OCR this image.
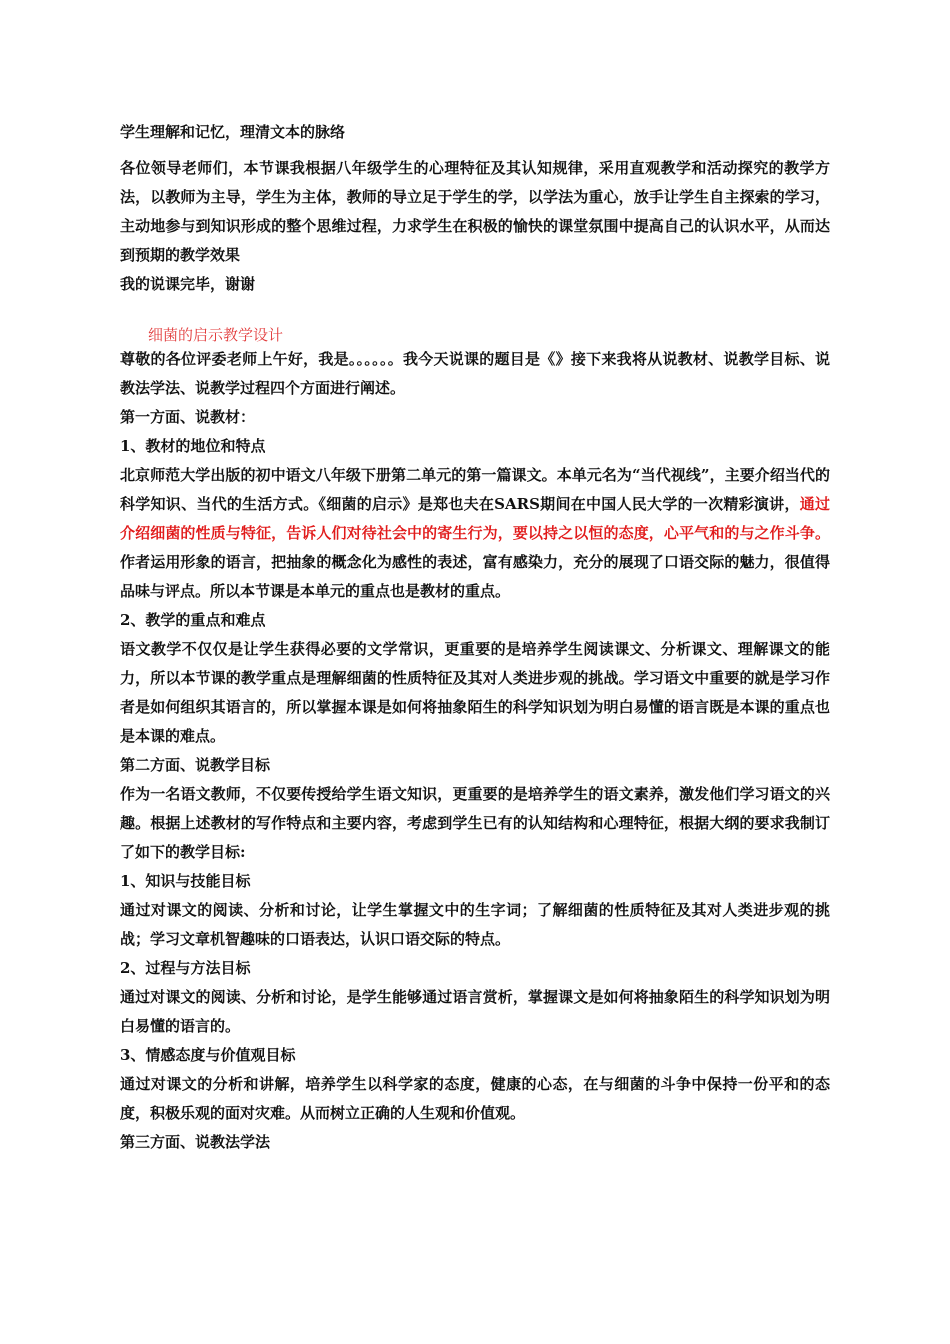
学生理解和记忆，理清文本的脉络

各位领导老师们，本节课我根据八年级学生的心理特征及其认知规律，采用直观教学和活动探究的教学方法，以教师为主导，学生为主体，教师的导立足于学生的学，以学法为重心，放手让学生自主探索的学习，主动地参与到知识形成的整个思维过程，力求学生在积极的愉快的课堂氛围中提高自己的认识水平，从而达到预期的教学效果

我的说课完毕，谢谢

细菌的启示教学设计

尊敬的各位评委老师上午好，我是。。。。。。我今天说课的题目是《》接下来我将从说教材、说教学目标、说教法学法、说教学过程四个方面进行阐述。

第一方面、说教材：

1、教材的地位和特点

北京师范大学出版的初中语文八年级下册第二单元的第一篇课文。本单元名为“当代视线”，主要介绍当代的科学知识、当代的生活方式。《细菌的启示》是郑也夫在SARS期间在中国人民大学的一次精彩演讲，通过介绍细菌的性质与特征，告诉人们对待社会中的寄生行为，要以持之以恒的态度，心平气和的与之作斗争。作者运用形象的语言，把抽象的概念化为感性的表述，富有感染力，充分的展现了口语交际的魅力，很值得品味与评点。所以本节课是本单元的重点也是教材的重点。

2、教学的重点和难点

语文教学不仅仅是让学生获得必要的文学常识，更重要的是培养学生阅读课文、分析课文、理解课文的能力，所以本节课的教学重点是理解细菌的性质特征及其对人类进步观的挑战。学习语文中重要的就是学习作者是如何组织其语言的，所以掌握本课是如何将抽象陌生的科学知识划为明白易懂的语言既是本课的重点也是本课的难点。

第二方面、说教学目标

作为一名语文教师，不仅要传授给学生语文知识，更重要的是培养学生的语文素养，激发他们学习语文的兴趣。根据上述教材的写作特点和主要内容，考虑到学生已有的认知结构和心理特征，根据大纲的要求我制订了如下的教学目标:

1、知识与技能目标

通过对课文的阅读、分析和讨论，让学生掌握文中的生字词；了解细菌的性质特征及其对人类进步观的挑战；学习文章机智趣味的口语表达，认识口语交际的特点。

2、过程与方法目标

通过对课文的阅读、分析和讨论，是学生能够通过语言赏析，掌握课文是如何将抽象陌生的科学知识划为明白易懂的语言的。

3、情感态度与价值观目标

通过对课文的分析和讲解，培养学生以科学家的态度，健康的心态，在与细菌的斗争中保持一份平和的态度，积极乐观的面对灾难。从而树立正确的人生观和价值观。

第三方面、说教法学法
